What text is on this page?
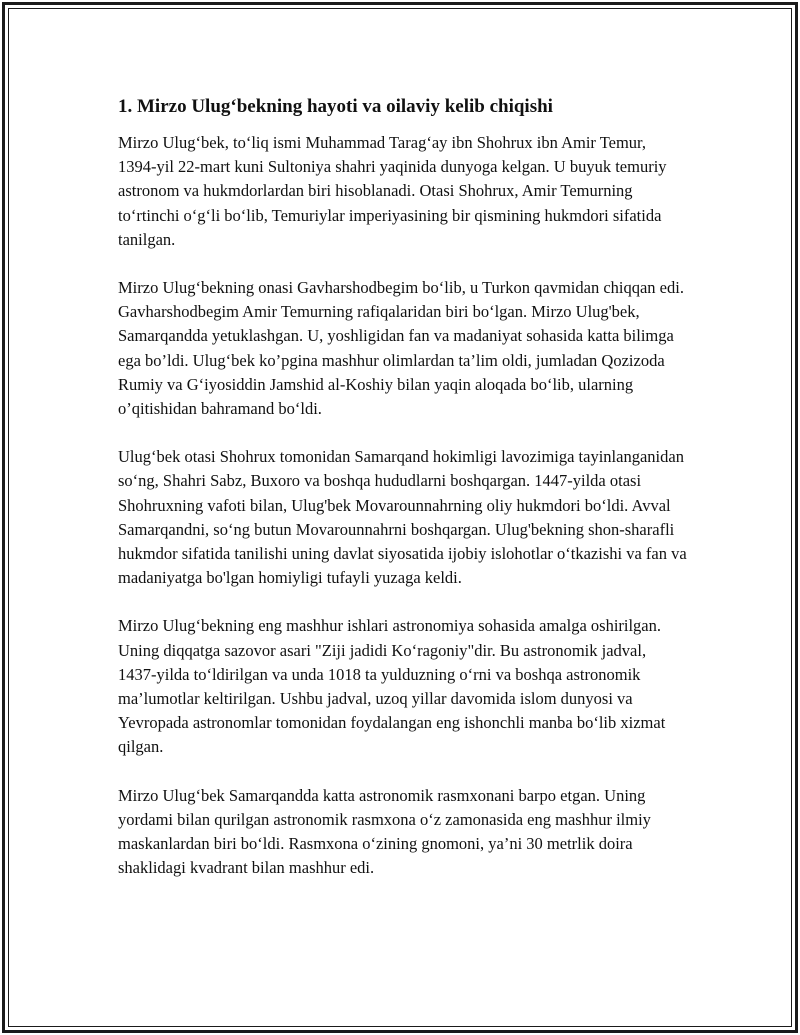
1. Mirzo Ulug‘bekning hayoti va oilaviy kelib chiqishi

Mirzo Ulug‘bek, to‘liq ismi Muhammad Tarag‘ay ibn Shohrux ibn Amir Temur, 1394-yil 22-mart kuni Sultoniya shahri yaqinida dunyoga kelgan. U buyuk temuriy astronom va hukmdorlardan biri hisoblanadi. Otasi Shohrux, Amir Temurning to‘rtinchi o‘g‘li bo‘lib, Temuriylar imperiyasining bir qismining hukmdori sifatida tanilgan.

Mirzo Ulug‘bekning onasi Gavharshodbegim bo‘lib, u Turkon qavmidan chiqqan edi. Gavharshodbegim Amir Temurning rafiqalaridan biri bo‘lgan. Mirzo Ulug'bek, Samarqandda yetuklashgan. U, yoshligidan fan va madaniyat sohasida katta bilimga ega bo’ldi. Ulug‘bek ko’pgina mashhur olimlardan ta’lim oldi, jumladan Qozizoda Rumiy va G‘iyosiddin Jamshid al-Koshiy bilan yaqin aloqada bo‘lib, ularning o’qitishidan bahramand bo‘ldi.

Ulug‘bek otasi Shohrux tomonidan Samarqand hokimligi lavozimiga tayinlanganidan so‘ng, Shahri Sabz, Buxoro va boshqa hududlarni boshqargan. 1447-yilda otasi Shohruxning vafoti bilan, Ulug'bek Movarounnahrning oliy hukmdori bo‘ldi. Avval Samarqandni, so‘ng butun Movarounnahrni boshqargan. Ulug'bekning shon-sharafli hukmdor sifatida tanilishi uning davlat siyosatida ijobiy islohotlar o‘tkazishi va fan va madaniyatga bo'lgan homiyligi tufayli yuzaga keldi.

Mirzo Ulug‘bekning eng mashhur ishlari astronomiya sohasida amalga oshirilgan. Uning diqqatga sazovor asari "Ziji jadidi Ko‘ragoniy"dir. Bu astronomik jadval, 1437-yilda to‘ldirilgan va unda 1018 ta yulduzning o‘rni va boshqa astronomik ma’lumotlar keltirilgan. Ushbu jadval, uzoq yillar davomida islom dunyosi va Yevropada astronomlar tomonidan foydalangan eng ishonchli manba bo‘lib xizmat qilgan.

Mirzo Ulug‘bek Samarqandda katta astronomik rasmxonani barpo etgan. Uning yordami bilan qurilgan astronomik rasmxona o‘z zamonasida eng mashhur ilmiy maskanlardan biri bo‘ldi. Rasmxona o‘zining gnomoni, ya’ni 30 metrlik doira shaklidagi kvadrant bilan mashhur edi.
